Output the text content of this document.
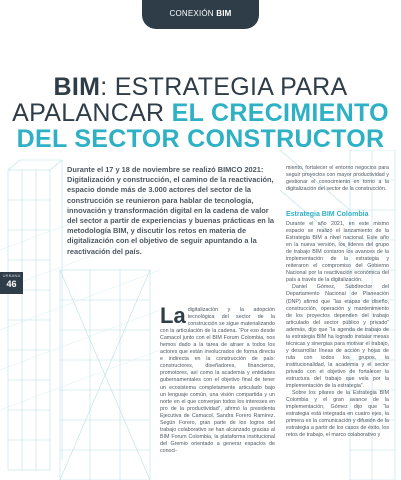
CONEXIÓN BIM
BIM: ESTRATEGIA PARA
APALANCAR EL CRECIMIENTO
DEL SECTOR CONSTRUCTOR

Durante el 17 y 18 de noviembre se realizó BIMCO 2021: Digitalización y construcción, el camino de la reactivación, espacio donde más de 3.000 actores del sector de la construcción se reunieron para hablar de tecnología, innovación y transformación digital en la cadena de valor del sector a partir de experiencias y buenas prácticas en la metodología BIM, y discutir los retos en materia de digitalización con el objetivo de seguir apuntando a la reactivación del país.

URBANA
46
La digitalización y la adopción tecnológica del sector de la construcción se sigue materializando con la articulación de la cadena. “Por eso desde Camacol junto con el BIM Forum Colombia, nos hemos dado a la tarea de atraer a todos los actores que están involucrados de forma directa e indirecta en la construcción de país: constructores, diseñadores, financieros, promotores, así como la academia y entidades gubernamentales con el objetivo final de tener un ecosistema completamente articulado bajo un lenguaje común, una visión compartida y un norte en el que converjan todos los intereses en pro de la productividad”, afirmó la presidenta Ejecutiva de Camacol, Sandra Forero Ramírez. Según Forero, gran parte de los logros del trabajo colaborativo se han alcanzado gracias al BIM Forum Colombia, la plataforma institucional del Gremio orientado a generar espacios de conoci-

miento, fortalecer el entorno negocios para seguir proyectos con mayor productividad y gestionar el conocimiento en torno a la digitalización del sector de la construcción.

Estrategia BIM Colombia

Durante el año 2021, en este mismo espacio se realizó el lanzamiento de la Estrategia BIM a nivel nacional. Este año en la nueva versión, los líderes del grupo de trabajo BIM contaron los avances de la implementación de la estrategia y reiteraron el compromiso del Gobierno Nacional por la reactivación económica del país a través de la digitalización.

Daniel Gómez, Subdirector del Departamento Nacional de Planeación (DNP) afirmó que “las etapas de diseño, construcción, operación y mantenimiento de los proyectos dependen del trabajo articulado del sector público y privado” además, dijo que “la agenda de trabajo de la estrategia BIM ha logrado instalar mesas técnicas y sinergias para motivar el trabajo, y desarrollar líneas de acción y hojas de ruta con todos los grupos, la institucionalidad, la academia y el sector privado con el objetivo de fortalecer la estructura del trabajo que vela por la implementación de la estrategia”.

Sobre los pilares de la Estrategia BIM Colombia y el gran avance de la implementación, Gómez dijo que “la estrategia está integrada en cuatro ejes, la primera es la comunicación y difusión de la estrategia a partir de los casos de éxito, los retos de trabajo, el marco colaborativo y
